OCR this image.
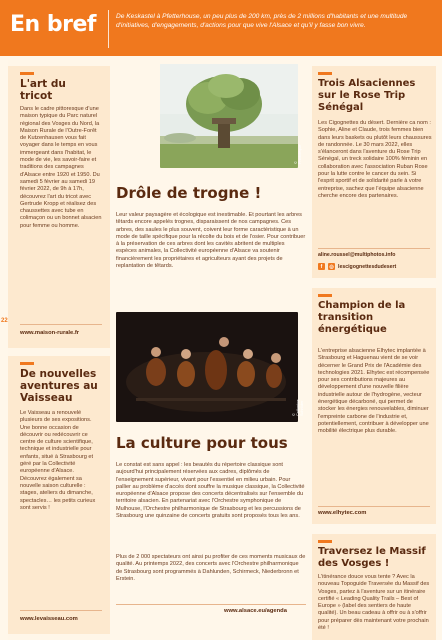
En bref	De Keskastel à Pfetterhouse, un peu plus de 200 km, près de 2 millions d'habitants et une multitude d'initiatives, d'engagements, d'actions pour que vive l'Alsace et qu'il y fasse bon vivre.
22
L'art du tricot
Dans le cadre pittoresque d'une maison typique du Parc naturel régional des Vosges du Nord, la Maison Rurale de l'Outre-Forêt de Kutzenhausen vous fait voyager dans le temps en vous immergeant dans l'habitat, le mode de vie, les savoir-faire et traditions des campagnes d'Alsace entre 1920 et 1950. Du samedi 5 février au samedi 19 février 2022, de 9h à 17h, découvrez l'art du tricot avec Gertrude Kropp et réalisez des chaussettes avec tube en colimaçon ou un bonnet alsacien pour femme ou homme.
www.maison-rurale.fr
De nouvelles aventures au Vaisseau
Le Vaisseau a renouvelé plusieurs de ses expositions. Une bonne occasion de découvrir ou redécouvrir ce centre de culture scientifique, technique et industrielle pour enfants, situé à Strasbourg et géré par la Collectivité européenne d'Alsace. Découvrez également sa nouvelle saison culturelle : stages, ateliers du dimanche, spectacles… les petits curieux sont servis !
www.levaisseau.com
© Phototèque
Drôle de trogne !
Leur valeur paysagère et écologique est inestimable. Et pourtant les arbres têtards encore appelés trognes, disparaissent de nos campagnes. Ces arbres, des saules le plus souvent, coivent leur forme caractéristique à un mode de taille spécifique pour la récolte du bois et de l'osier. Pour contribuer à la préservation de ces arbres dont les cavités abritent de multiples espèces animales, la Collectivité européenne d'Alsace va soutenir financièrement les propriétaires et agriculteurs ayant des projets de replantation de têtards.
© Catherine Schröder
La culture pour tous
Le constat est sans appel : les beautés du répertoire classique sont aujourd'hui principalement réservées aux cadres, diplômés de l'enseignement supérieur, vivant pour l'essentiel en milieu urbain. Pour pallier au problème d'accès dont souffre la musique classique, la Collectivité européenne d'Alsace propose des concerts décentralisés sur l'ensemble du territoire alsacien. En partenariat avec l'Orchestre symphonique de Mulhouse, l'Orchestre philharmonique de Strasbourg et les percussions de Strasbourg une quinzaine de concerts gratuits sont proposés tous les ans.
Plus de 2 000 spectateurs ont ainsi pu profiter de ces moments musicaux de qualité. Au printemps 2022, des concerts avec l'Orchestre philharmonique de Strasbourg sont programmés à Dahlunden, Schirmeck, Niederbronn et Erstein.
www.alsace.eu/agenda
Trois Alsaciennes sur le Rose Trip Sénégal
Les Cigognettes du désert. Dernière ca nom : Sophie, Aline et Claude, trois femmes bien dans leurs baskets ou plutôt leurs chaussures de randonnée. Le 30 mars 2022, elles s'élanceront dans l'aventure du Rose Trip Sénégal, un treck solidaire 100% féminin en collaboration avec l'association Ruban Rose pour la lutte contre le cancer du sein. Si l'esprit sportif et de solidarité parle à votre entreprise, sachez que l'équipe alsacienne cherche encore des partenaires.
aline.roussel@multiphotos.info
f	◎ lescigognettesdudesert
Champion de la transition énergétique
L'entreprise alsacienne Elhytec implantée à Strasbourg et Haguenau vient de se voir décerner le Grand Prix de l'Académie des technologies 2021. Elhytec est récompensée pour ses contributions majeures au développement d'une nouvelle filière industrielle autour de l'hydrogène, vecteur énergétique décarboné, qui permet de stocker les énergies renouvelables, diminuer l'empreinte carbone de l'industrie et, potentiellement, contribuer à développer une mobilité électrique plus durable.
www.elhytec.com
Traversez le Massif des Vosges !
L'itinérance douce vous tente ? Avec la nouveau Topoguide Traversée du Massif des Vosges, partez à l'aventure sur un itinéraire certifié « Leading Quality Trails – Best of Europe » (label des sentiers de haute qualité). Un beau cadeau à offrir ou à s'offrir pour préparer dès maintenant votre prochain été !
